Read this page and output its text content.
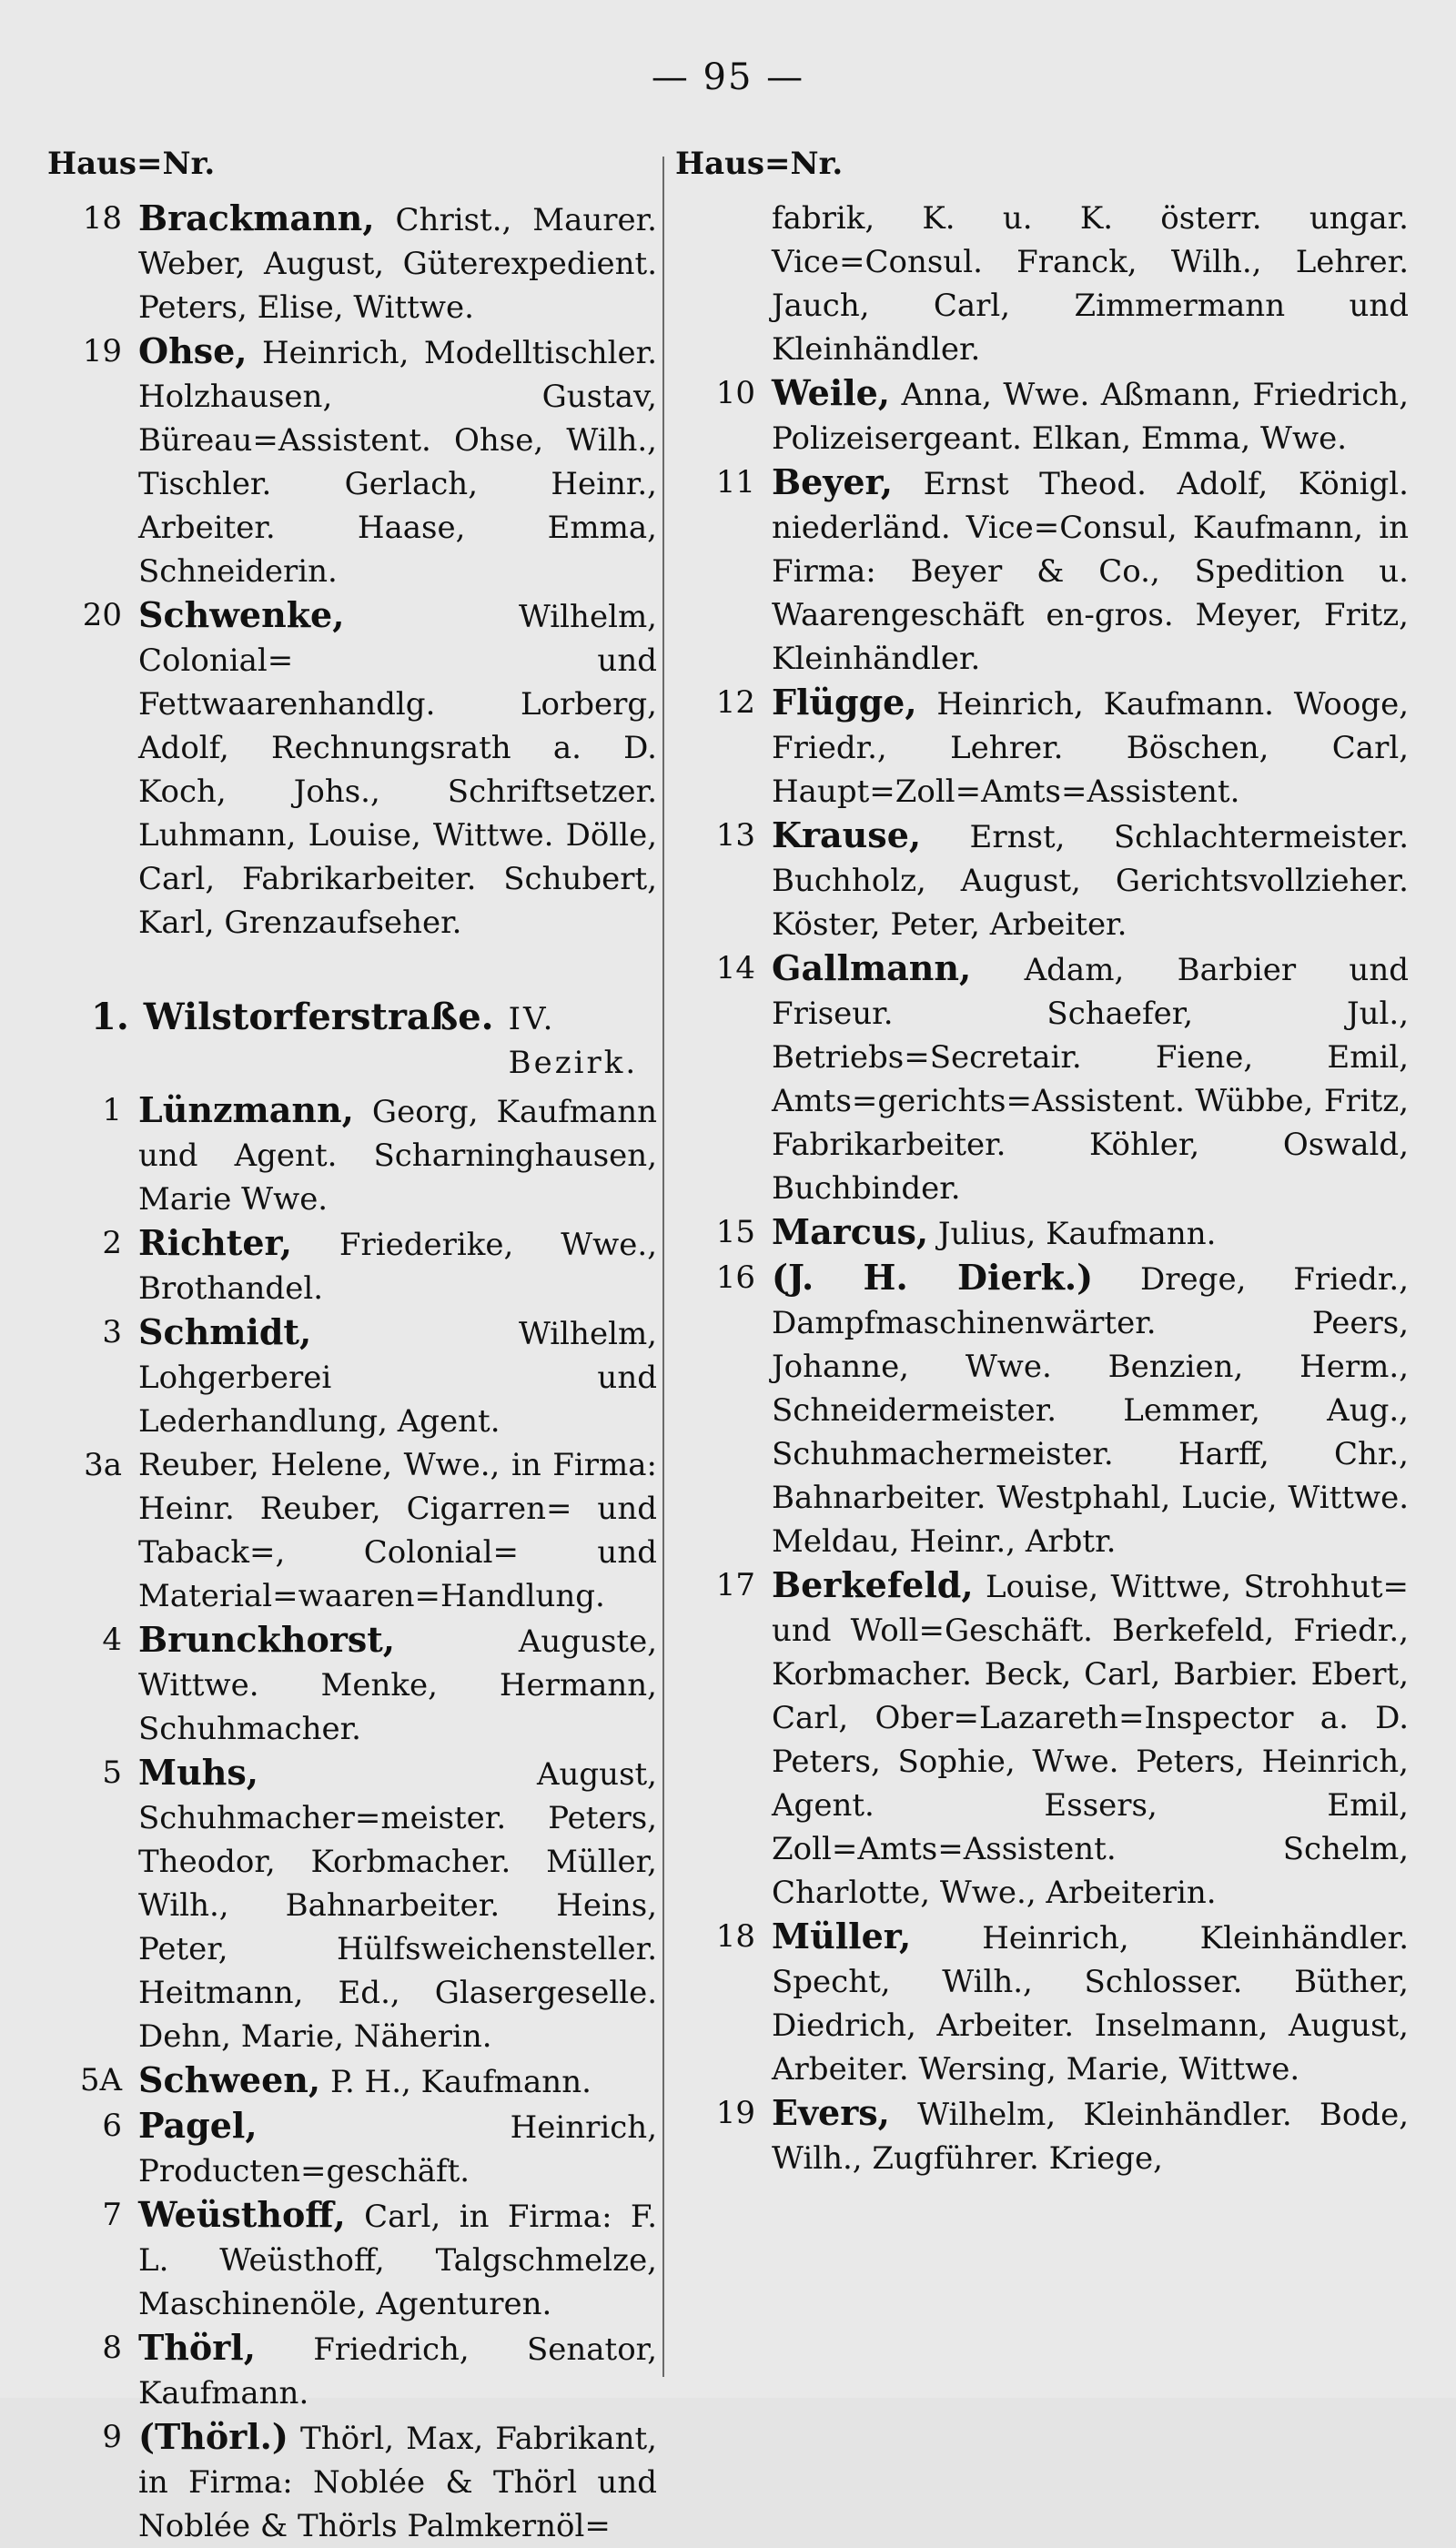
— 95 —
Haus=Nr.	Haus=Nr.
18 Brackmann, Christ., Maurer. Weber, August, Güterexpedient. Peters, Elise, Wittwe.
19 Ohse, Heinrich, Modelltischler. Holzhausen, Gustav, Büreau=Assistent. Ohse, Wilh., Tischler. Gerlach, Heinr., Arbeiter. Haase, Emma, Schneiderin.
20 Schwenke,	Wilhelm, Colonial= und Fettwaarenhandlg. Lorberg, Adolf, Rechnungsrath a. D. Koch, Johs., Schriftsetzer. Luhmann, Louise, Wittwe. Dölle, Carl, Fabrikarbeiter. Schubert, Karl, Grenzaufseher.
1. Wilstorferstraße. IV. Bezirk.
1 Lünzmann, Georg, Kaufmann und Agent. Scharninghausen, Marie Wwe.
2 Richter, Friederike, Wwe., Brothandel.
3 Schmidt,	Wilhelm, Lohgerberei und Lederhandlung, Agent.
3a Reuber, Helene, Wwe., in Firma: Heinr. Reuber, Cigarren= und Taback=, Colonial= und Material=waaren=Handlung.
4 Brunckhorst,	Auguste, Wittwe. Menke, Hermann, Schuhmacher.
5 Muhs,	August, Schuhmacher=meister. Peters, Theodor, Korbmacher. Müller, Wilh., Bahnarbeiter. Heins, Peter, Hülfsweichensteller. Heitmann, Ed., Glasergeselle. Dehn, Marie, Näherin.
5A Schween, P. H., Kaufmann.
6 Pagel,	Heinrich, Producten=geschäft.
7 Weüsthoff, Carl, in Firma: F. L. Weüsthoff, Talgschmelze, Maschinenöle, Agenturen.
8 Thörl, Friedrich, Senator, Kaufmann.
9 (Thörl.) Thörl, Max, Fabrikant, in Firma: Noblée & Thörl und Noblée & Thörls Palmkernöl=
fabrik, K. u. K. österr. ungar. Vice=Consul. Franck, Wilh., Lehrer. Jauch, Carl, Zimmermann und Kleinhändler.
10 Weile, Anna, Wwe. Aßmann, Friedrich, Polizeisergeant. Elkan, Emma, Wwe.
11 Beyer, Ernst Theod. Adolf, Königl. niederländ. Vice=Consul, Kaufmann, in Firma: Beyer & Co., Spedition u. Waarengeschäft en-gros. Meyer, Fritz, Kleinhändler.
12 Flügge, Heinrich, Kaufmann. Wooge, Friedr., Lehrer. Böschen, Carl, Haupt=Zoll=Amts=Assistent.
13 Krause, Ernst, Schlachtermeister. Buchholz, August, Gerichtsvollzieher. Köster, Peter, Arbeiter.
14 Gallmann, Adam, Barbier und Friseur. Schaefer, Jul., Betriebs=Secretair. Fiene, Emil, Amts=gerichts=Assistent. Wübbe, Fritz, Fabrikarbeiter. Köhler, Oswald, Buchbinder.
15 Marcus, Julius, Kaufmann.
16 (J. H. Dierk.) Drege, Friedr., Dampfmaschinenwärter. Peers, Johanne, Wwe. Benzien, Herm., Schneidermeister. Lemmer, Aug., Schuhmachermeister. Harff, Chr., Bahnarbeiter. Westphahl, Lucie, Wittwe. Meldau, Heinr., Arbtr.
17 Berkefeld, Louise, Wittwe, Strohhut= und Woll=Geschäft. Berkefeld, Friedr., Korbmacher. Beck, Carl, Barbier. Ebert, Carl, Ober=Lazareth=Inspector a. D. Peters, Sophie, Wwe. Peters, Heinrich, Agent. Essers, Emil, Zoll=Amts=Assistent. Schelm, Charlotte, Wwe., Arbeiterin.
18 Müller, Heinrich, Kleinhändler. Specht, Wilh., Schlosser. Büther, Diedrich, Arbeiter. Inselmann, August, Arbeiter. Wersing, Marie, Wittwe.
19 Evers, Wilhelm, Kleinhändler. Bode, Wilh., Zugführer. Kriege,
